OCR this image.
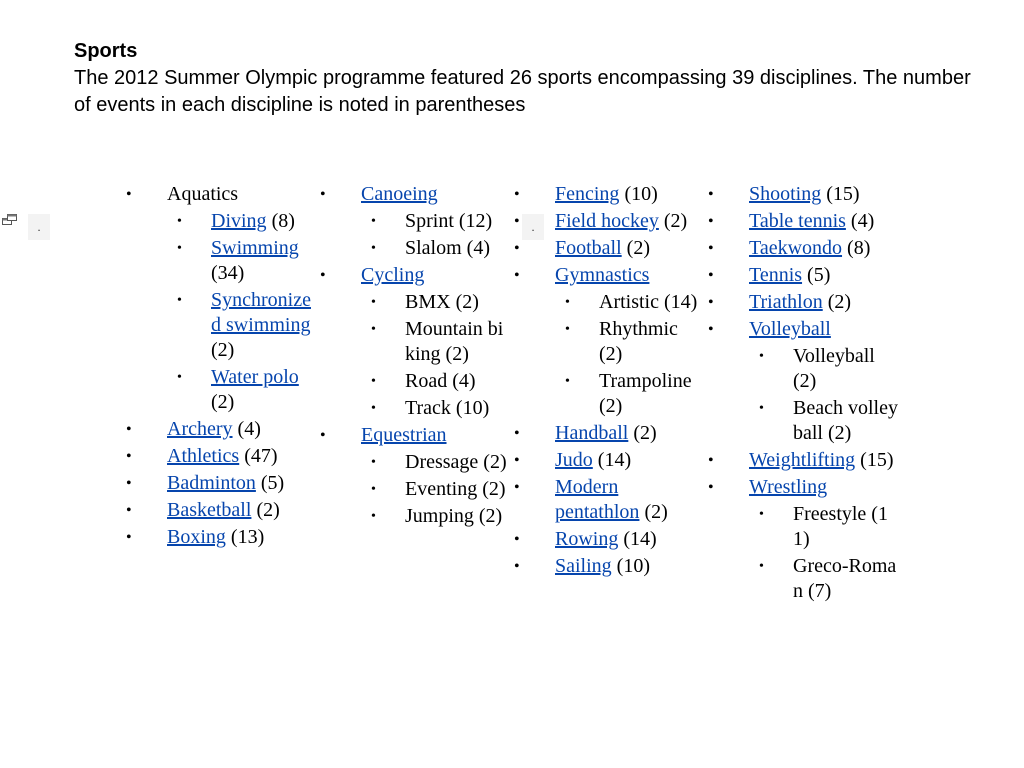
Sports
The 2012 Summer Olympic programme featured 26 sports encompassing 39 disciplines. The number of events in each discipline is noted in parentheses
.	.
• Aquatics
• Diving (8)
• Swimming (34)
• Synchronized swimming (2)
• Water polo (2)
• Archery (4)
• Athletics (47)
• Badminton (5)
• Basketball (2)
• Boxing (13)
• Canoeing
• Sprint (12)
• Slalom (4)
• Cycling
• BMX (2)
• Mountain biking (2)
• Road (4)
• Track (10)
• Equestrian
• Dressage (2)
• Eventing (2)
• Jumping (2)
• Fencing (10)
• Field hockey (2)
• Football (2)
• Gymnastics
• Artistic (14)
• Rhythmic (2)
• Trampoline (2)
• Handball (2)
• Judo (14)
• Modern pentathlon (2)
• Rowing (14)
• Sailing (10)
• Shooting (15)
• Table tennis (4)
• Taekwondo (8)
• Tennis (5)
• Triathlon (2)
• Volleyball
• Volleyball (2)
• Beach volleyball (2)
• Weightlifting (15)
• Wrestling
• Freestyle (11)
• Greco-Roman (7)
